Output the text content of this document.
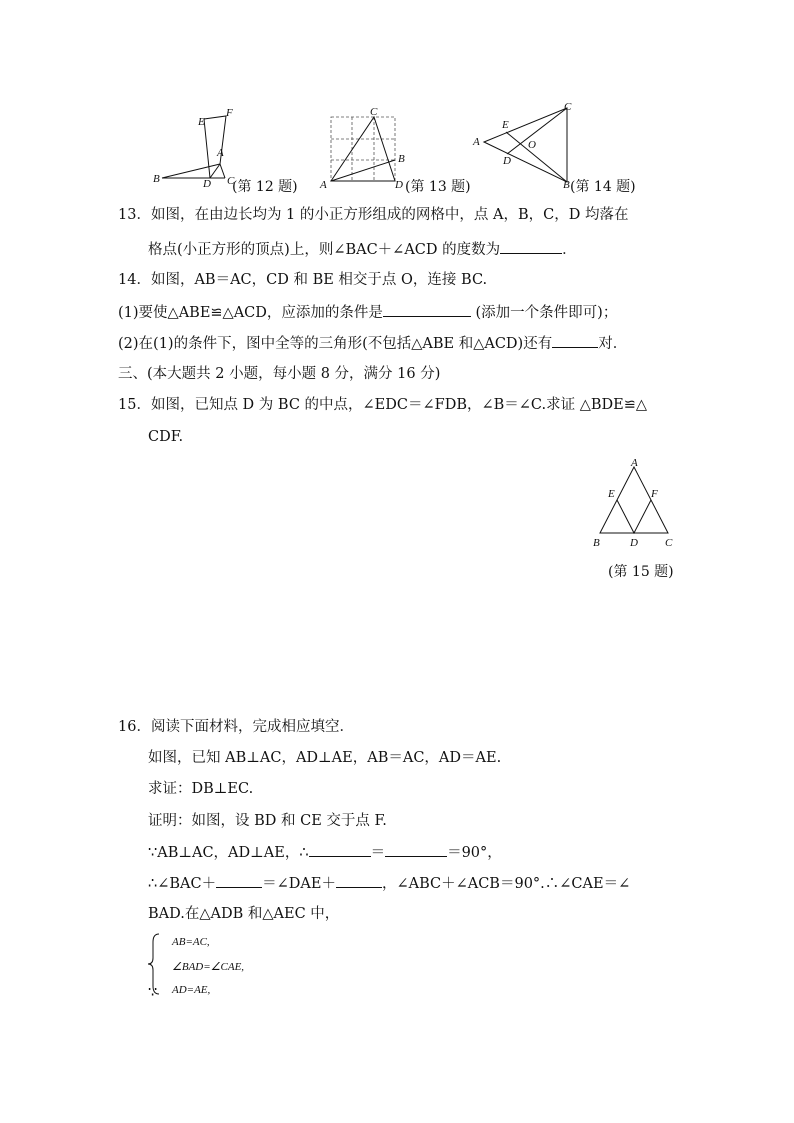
E
F
A
B	D C
(第 12 题)
C
B
A	D (第 13 题)
A
E
D
O
C
B (第 14 题)
13．如图，在由边长均为 1 的小正方形组成的网格中，点 A，B，C，D 均落在
格点(小正方形的顶点)上，则∠BAC＋∠ACD 的度数为	．
14．如图，AB＝AC，CD 和 BE 相交于点 O，连接 BC.
(1)要使△ABE≌△ACD，应添加的条件是	(添加一个条件即可)；
(2)在(1)的条件下，图中全等的三角形(不包括△ABE 和△ACD)还有	对．
三、(本大题共 2 小题，每小题 8 分，满分 16 分)
15．如图，已知点 D 为 BC 的中点，∠EDC＝∠FDB，∠B＝∠C.求证 △BDE≌△
CDF.
A
E	F
B	D C
(第 15 题)
16．阅读下面材料，完成相应填空．
如图，已知 AB⊥AC，AD⊥AE，AB＝AC，AD＝AE.
求证：DB⊥EC.
证明：如图，设 BD 和 CE 交于点 F.
∵AB⊥AC，AD⊥AE，∴	＝	＝90°，
∴∠BAC＋	＝∠DAE＋	，∠ABC＋∠ACB＝90°.∴∠CAE＝∠
BAD.在△ADB 和△AEC 中，
AB=AC,
∠BAD=∠CAE,
AD=AE,
∵
